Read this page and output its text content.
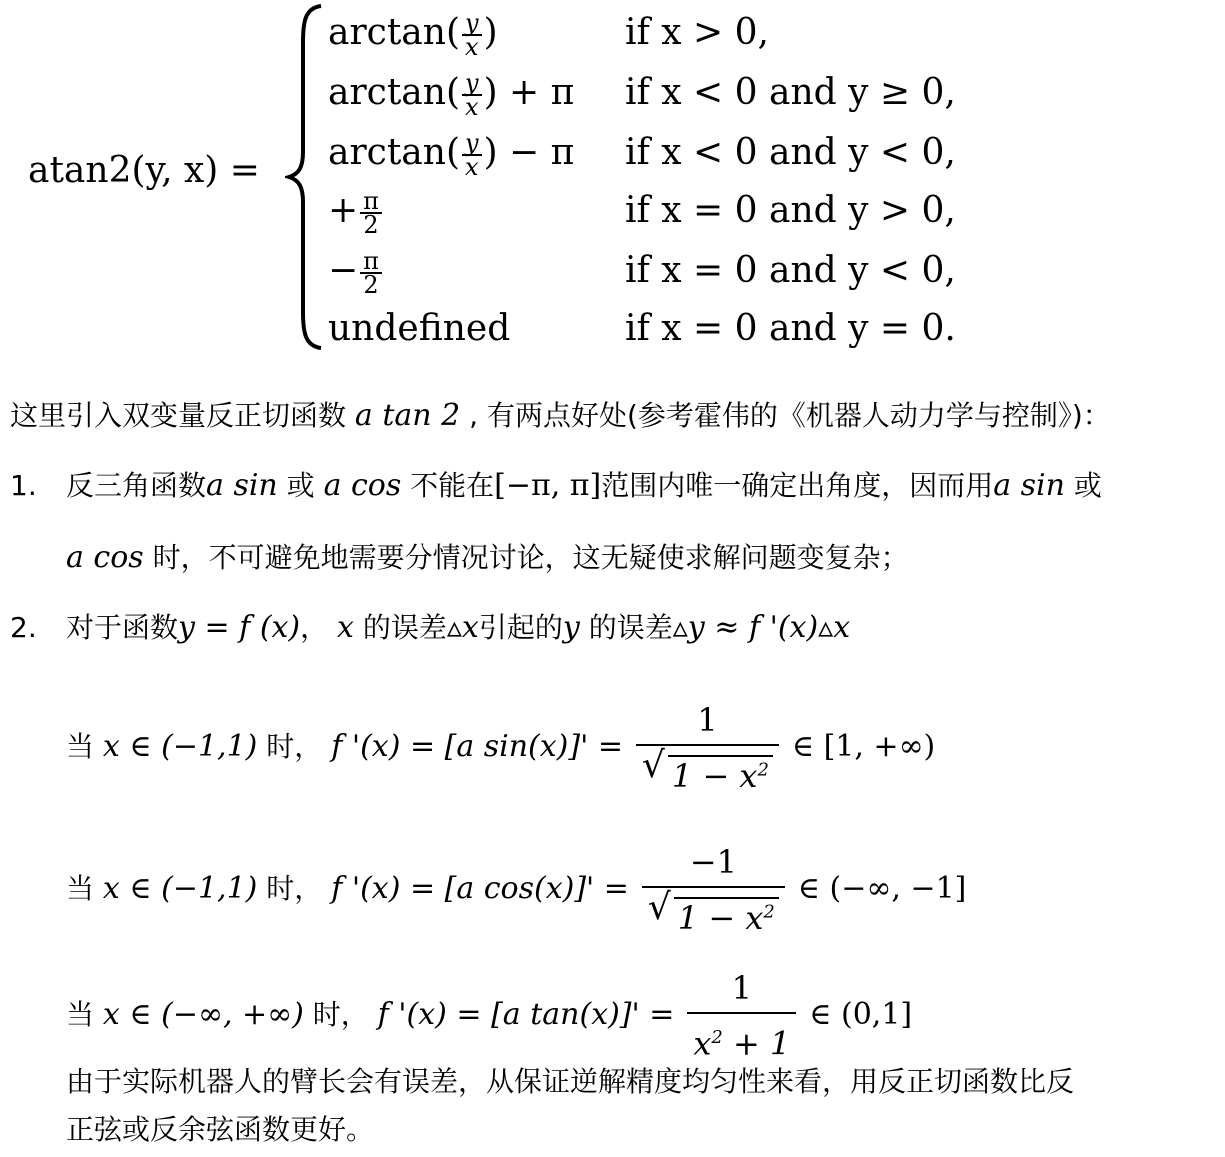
atan2(y, x) =
$\arctan( \frac{y}{x}$ )	if x > 0,
$\arctan( \frac{y}{x}$ ) + π if x < 0 and y ≥ 0,
$\arctan( \frac{y}{x}$ ) − π if x < 0 and y < 0,
+ $\frac{\pi}{2}$	if x = 0 and y > 0,
− $\frac{\pi}{2}$	if x = 0 and y < 0,
undefined	if x = 0 and y = 0.
这里引入双变量反正切函数 a tan 2 , 有两点好处(参考霍伟的《机器人动力学与控制》)：
1. 反三角函数a sin 或 a cos 不能在[−π, π]范围内唯一确定出角度，因而用a sin 或
a cos 时，不可避免地需要分情况讨论，这无疑使求解问题变复杂；
2. 对于函数y = f (x)， x 的误差▵x引起的y 的误差▵y ≈ f '(x)▵x
当 x ∈ (−1,1) 时， f '(x) = [a $\sin(x)]' = \frac{1}{√ 1 - x^2}$ ∈ [1, +∞)
当 x ∈ (−1,1) 时， f '(x) = [a $\cos(x)]' = \frac{-1}{√ 1 - x^2}$ ∈ (−∞, −1]
当 x ∈ (−∞, +∞) 时， f '(x) = [a $\tan(x)]' = \frac{1}{x^2 + 1}$ ∈ (0,1]
由于实际机器人的臂长会有误差，从保证逆解精度均匀性来看，用反正切函数比反
正弦或反余弦函数更好。
